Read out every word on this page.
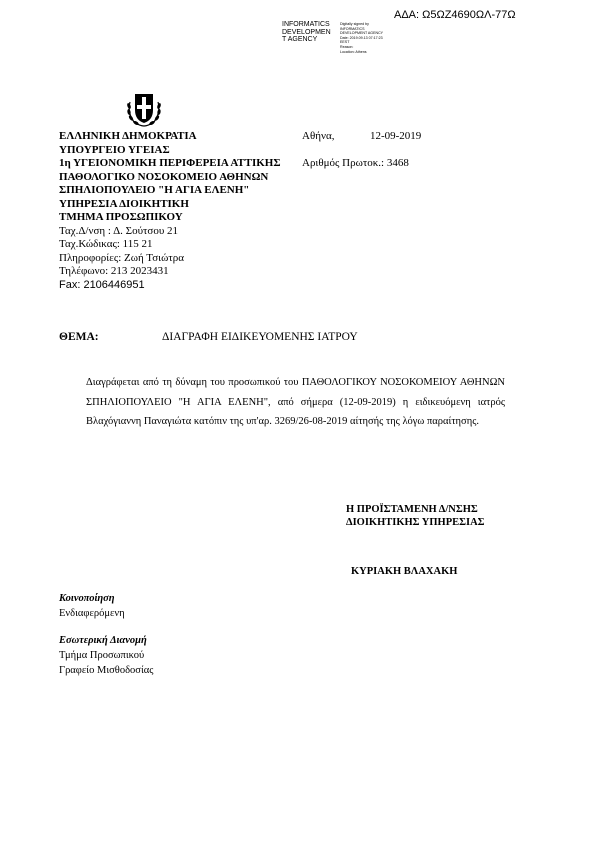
ΑΔΑ: Ω5ΩΖ4690ΩΛ-77Ω
INFORMATICS
DEVELOPMEN
T AGENCY
Digitally signed by
INFORMATICS
DEVELOPMENT AGENCY
Date: 2019.09.13 07:17:23
EEST
Reason:
Location: Athens
ΕΛΛΗΝΙΚΗ ΔΗΜΟΚΡΑΤΙΑ
ΥΠΟΥΡΓΕΙΟ ΥΓΕΙΑΣ
1η ΥΓΕΙΟΝΟΜΙΚΗ ΠΕΡΙΦΕΡΕΙΑ ΑΤΤΙΚΗΣ
ΠΑΘΟΛΟΓΙΚΟ ΝΟΣΟΚΟΜΕΙΟ ΑΘΗΝΩΝ
ΣΠΗΛΙΟΠΟΥΛΕΙΟ "Η ΑΓΙΑ ΕΛΕΝΗ"
ΥΠΗΡΕΣΙΑ ΔΙΟΙΚΗΤΙΚΗ
ΤΜΗΜΑ ΠΡΟΣΩΠΙΚΟΥ
Ταχ.Δ/νση : Δ. Σούτσου 21
Ταχ.Κώδικας: 115 21
Πληροφορίες: Ζωή Τσιώτρα
Τηλέφωνο: 213 2023431
Fax: 2106446951
Αθήνα,	12-09-2019
Αριθμός Πρωτοκ.: 3468
ΘΕΜΑ:	ΔΙΑΓΡΑΦΗ ΕΙΔΙΚΕΥΟΜΕΝΗΣ ΙΑΤΡΟΥ
Διαγράφεται από τη δύναμη του προσωπικού του ΠΑΘΟΛΟΓΙΚΟΥ ΝΟΣΟΚΟΜΕΙΟΥ ΑΘΗΝΩΝ ΣΠΗΛΙΟΠΟΥΛΕΙΟ "Η ΑΓΙΑ ΕΛΕΝΗ", από σήμερα (12-09-2019) η ειδικευόμενη ιατρός Βλαχόγιαννη Παναγιώτα κατόπιν της υπ'αρ. 3269/26-08-2019 αίτησής της λόγω παραίτησης.
Η ΠΡΟΪΣΤΑΜΕΝΗ Δ/ΝΣΗΣ
ΔΙΟΙΚΗΤΙΚΗΣ ΥΠΗΡΕΣΙΑΣ
ΚΥΡΙΑΚΗ ΒΛΑΧΑΚΗ
Κοινοποίηση
Ενδιαφερόμενη
Εσωτερική Διανομή
Τμήμα Προσωπικού
Γραφείο Μισθοδοσίας
